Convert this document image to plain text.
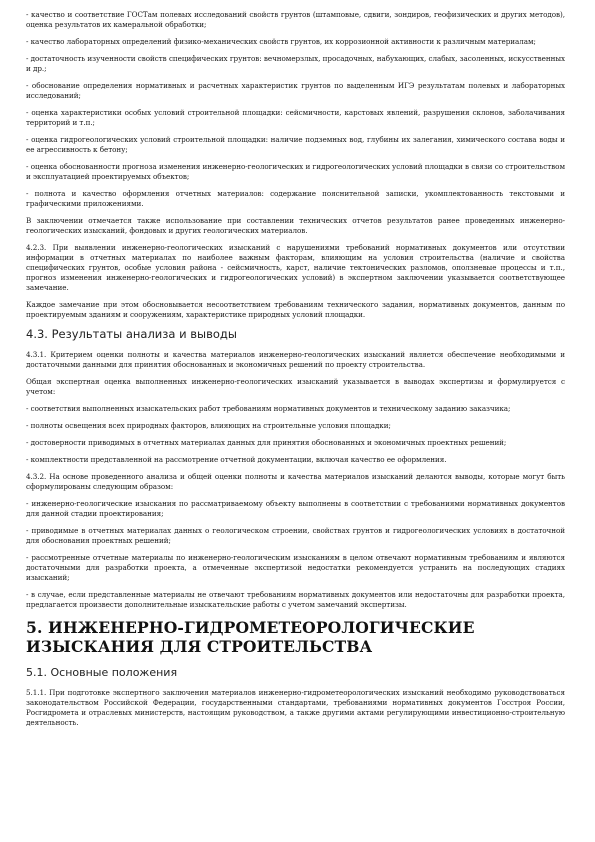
- качество и соответствие ГОСТам полевых исследований свойств грунтов (штамповые, сдвиги, зондиров, геофизических и других методов), оценка результатов их камеральной обработки;

- качество лабораторных определений физико-механических свойств грунтов, их коррозионной активности к различным материалам;

- достаточность изученности свойств специфических грунтов: вечномерзлых, просадочных, набухающих, слабых, засоленных, искусственных и др.;

- обоснование определения нормативных и расчетных характеристик грунтов по выделенным ИГЭ результатам полевых и лабораторных исследований;

- оценка характеристики особых условий строительной площадки: сейсмичности, карстовых явлений, разрушения склонов, заболачивания территорий и т.п.;

- оценка гидрогеологических условий строительной площадки: наличие подземных вод, глубины их залегания, химического состава воды и ее агрессивность к бетону;

- оценка обоснованности прогноза изменения инженерно-геологических и гидрогеологических условий площадки в связи со строительством и эксплуатацией проектируемых объектов;

- полнота и качество оформления отчетных материалов: содержание пояснительной записки, укомплектованность текстовыми и графическими приложениями.

В заключении отмечается также использование при составлении технических отчетов результатов ранее проведенных инженерно-геологических изысканий, фондовых и других геологических материалов.

4.2.3. При выявлении инженерно-геологических изысканий с нарушениями требований нормативных документов или отсутствии информации в отчетных материалах по наиболее важным факторам, влияющим на условия строительства (наличие и свойства специфических грунтов, особые условия района - сейсмичность, карст, наличие тектонических разломов, оползневые процессы и т.п., прогноз изменения инженерно-геологических и гидрогеологических условий) в экспертном заключении указывается соответствующее замечание.

Каждое замечание при этом обосновывается несоответствием требованиям технического задания, нормативных документов, данным по проектируемым зданиям и сооружениям, характеристике природных условий площадки.

4.3. Результаты анализа и выводы

4.3.1. Критерием оценки полноты и качества материалов инженерно-геологических изысканий является обеспечение необходимыми и достаточными данными для принятия обоснованных и экономичных решений по проекту строительства.

Общая экспертная оценка выполненных инженерно-геологических изысканий указывается в выводах экспертизы и формулируется с учетом:

- соответствия выполненных изыскательских работ требованиям нормативных документов и техническому заданию заказчика;

- полноты освещения всех природных факторов, влияющих на строительные условия площадки;

- достоверности приводимых в отчетных материалах данных для принятия обоснованных и экономичных проектных решений;

- комплектности представленной на рассмотрение отчетной документации, включая качество ее оформления.

4.3.2. На основе проведенного анализа и общей оценки полноты и качества материалов изысканий делаются выводы, которые могут быть сформулированы следующим образом:

- инженерно-геологические изыскания по рассматриваемому объекту выполнены в соответствии с требованиями нормативных документов для данной стадии проектирования;

- приводимые в отчетных материалах данных о геологическом строении, свойствах грунтов и гидрогеологических условиях в достаточной для обоснования проектных решений;

- рассмотренные отчетные материалы по инженерно-геологическим изысканиям в целом отвечают нормативным требованиям и являются достаточными для разработки проекта, а отмеченные экспертизой недостатки рекомендуется устранить на последующих стадиях изысканий;

- в случае, если представленные материалы не отвечают требованиям нормативных документов или недостаточны для разработки проекта, предлагается произвести дополнительные изыскательские работы с учетом замечаний экспертизы.

5. ИНЖЕНЕРНО-ГИДРОМЕТЕОРОЛОГИЧЕСКИЕ ИЗЫСКАНИЯ ДЛЯ СТРОИТЕЛЬСТВА
5.1. Основные положения

5.1.1. При подготовке экспертного заключения материалов инженерно-гидрометеорологических изысканий необходимо руководствоваться законодательством Российской Федерации, государственными стандартами, требованиями нормативных документов Госстроя России, Росгидромета и отраслевых министерств, настоящим руководством, а также другими актами регулирующими инвестиционно-строительную деятельность.
